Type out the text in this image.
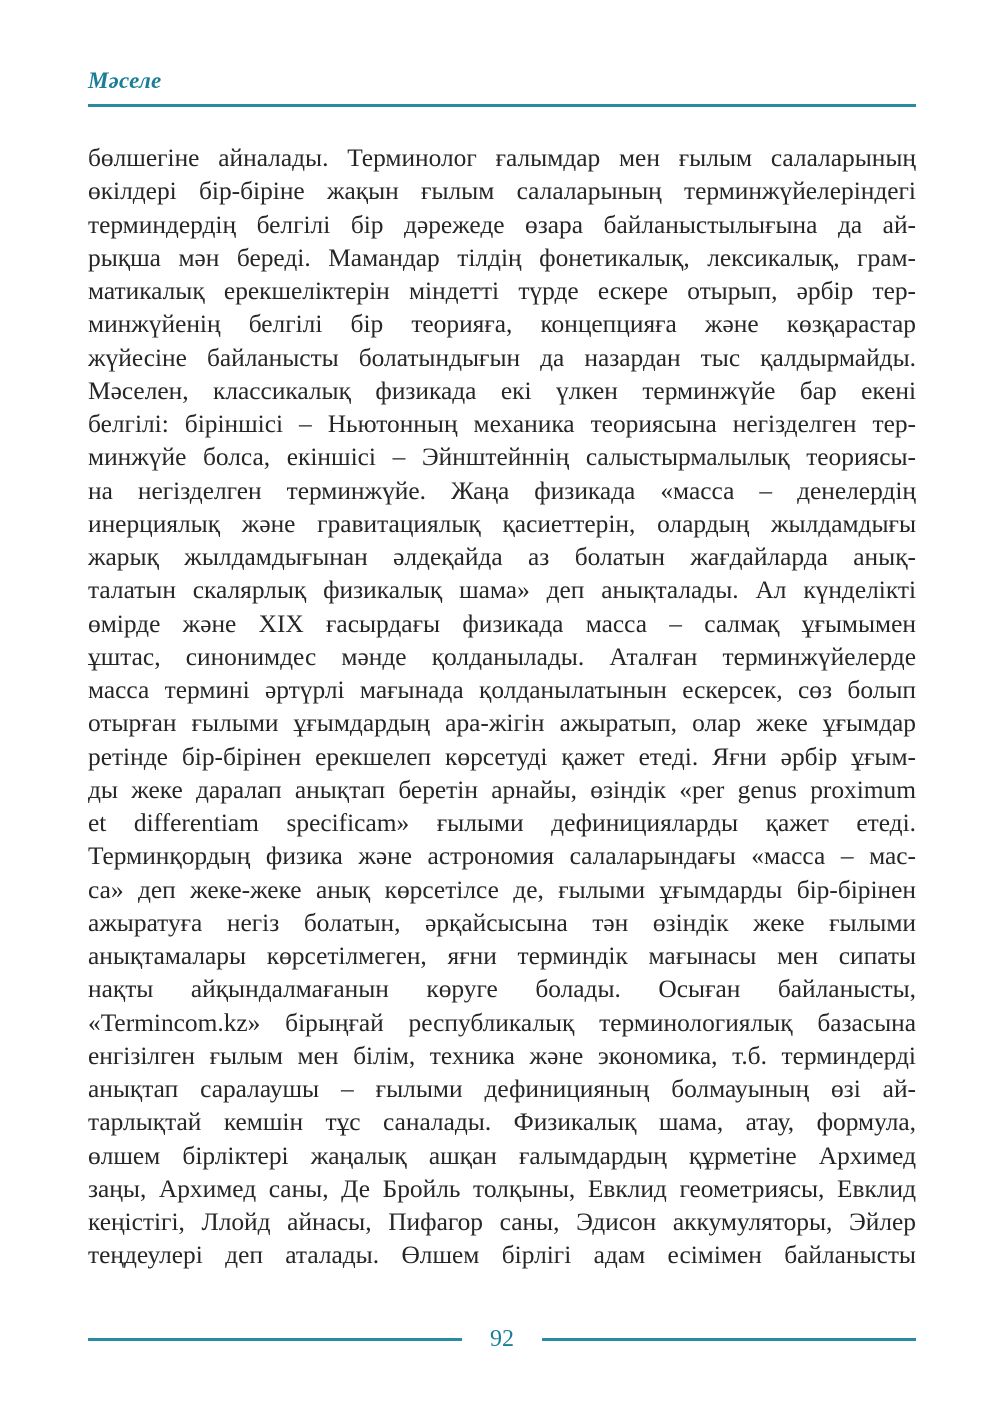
Мәселе
бөлшегіне айналады. Терминолог ғалымдар мен ғылым салаларының
өкілдері бір-біріне жақын ғылым салаларының терминжүйелеріндегі
терминдердің белгілі бір дәрежеде өзара байланыстылығына да ай-
рықша мән береді. Мамандар тілдің фонетикалық, лексикалық, грам-
матикалық ерекшеліктерін міндетті түрде ескере отырып, әрбір тер-
минжүйенің белгілі бір теорияға, концепцияға және көзқарастар
жүйесіне байланысты болатындығын да назардан тыс қалдырмайды.
Мәселен, классикалық физикада екі үлкен терминжүйе бар екені
белгілі: біріншісі – Ньютонның механика теориясына негізделген тер-
минжүйе болса, екіншісі – Эйнштейннің салыстырмалылық теориясы-
на негізделген терминжүйе. Жаңа физикада «масса – денелердің
инерциялық және гравитациялық қасиеттерін, олардың жылдамдығы
жарық жылдамдығынан әлдеқайда аз болатын жағдайларда анық-
талатын скалярлық физикалық шама» деп анықталады. Ал күнделікті
өмірде және XIX ғасырдағы физикада масса – салмақ ұғымымен
ұштас, синонимдес мәнде қолданылады. Аталған терминжүйелерде
масса термині әртүрлі мағынада қолданылатынын ескерсек, сөз болып
отырған ғылыми ұғымдардың ара-жігін ажыратып, олар жеке ұғымдар
ретінде бір-бірінен ерекшелеп көрсетуді қажет етеді. Яғни әрбір ұғым-
ды жеке даралап анықтап беретін арнайы, өзіндік «per genus proximum
et differentiam specificam» ғылыми дефиницияларды қажет етеді.
Терминқордың физика және астрономия салаларындағы «масса – мас-
са» деп жеке-жеке анық көрсетілсе де, ғылыми ұғымдарды бір-бірінен
ажыратуға негіз болатын, әрқайсысына тән өзіндік жеке ғылыми
анықтамалары көрсетілмеген, яғни терминдік мағынасы мен сипаты
нақты айқындалмағанын көруге болады. Осыған байланысты,
«Termincom.kz» бірыңғай республикалық терминологиялық базасына
енгізілген ғылым мен білім, техника және экономика, т.б. терминдерді
анықтап саралаушы – ғылыми дефиницияның болмауының өзі ай-
тарлықтай кемшін тұс саналады. Физикалық шама, атау, формула,
өлшем бірліктері жаңалық ашқан ғалымдардың құрметіне Архимед
заңы, Архимед саны, Де Бройль толқыны, Евклид геометриясы, Евклид
кеңістігі, Ллойд айнасы, Пифагор саны, Эдисон аккумуляторы, Эйлер
теңдеулері деп аталады. Өлшем бірлігі адам есімімен байланысты
92
